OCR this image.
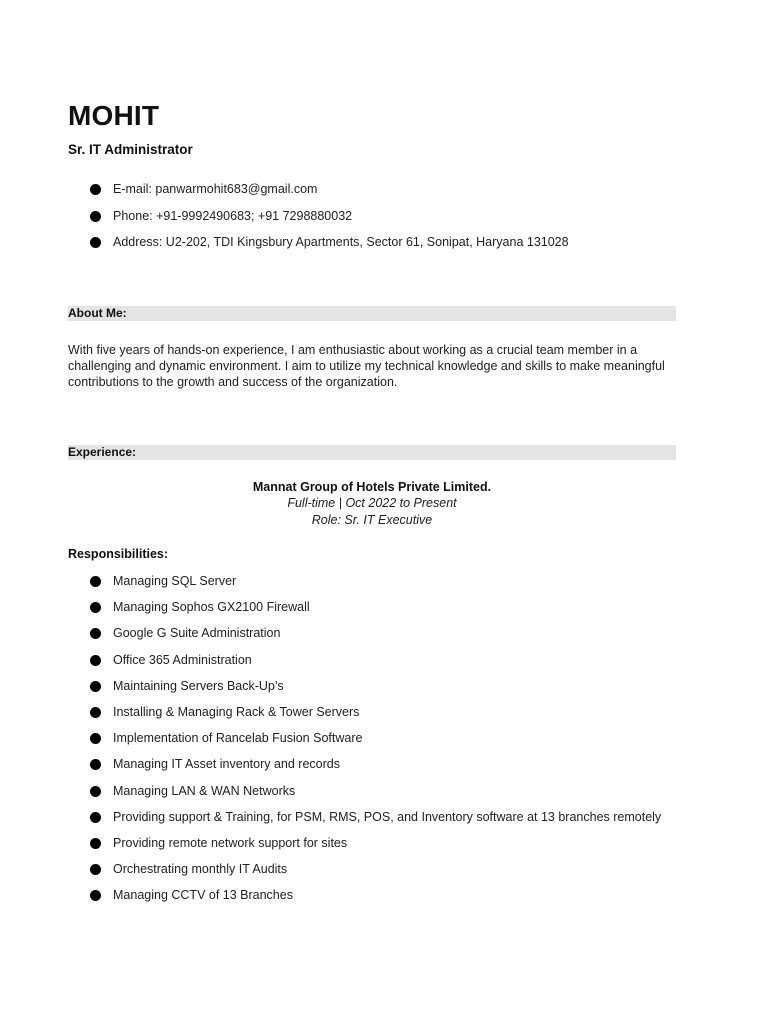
MOHIT

Sr. IT Administrator

E-mail: panwarmohit683@gmail.com
Phone: +91-9992490683; +91 7298880032
Address: U2-202, TDI Kingsbury Apartments, Sector 61, Sonipat, Haryana 131028
About Me:

With five years of hands-on experience, I am enthusiastic about working as a crucial team member in a challenging and dynamic environment. I aim to utilize my technical knowledge and skills to make meaningful contributions to the growth and success of the organization.

Experience:
Mannat Group of Hotels Private Limited.
Full-time | Oct 2022 to Present
Role: Sr. IT Executive

Responsibilities:

Managing SQL Server
Managing Sophos GX2100 Firewall
Google G Suite Administration
Office 365 Administration
Maintaining Servers Back-Up’s
Installing & Managing Rack & Tower Servers
Implementation of Rancelab Fusion Software
Managing IT Asset inventory and records
Managing LAN & WAN Networks
Providing support & Training, for PSM, RMS, POS, and Inventory software at 13 branches remotely
Providing remote network support for sites
Orchestrating monthly IT Audits
Managing CCTV of 13 Branches
